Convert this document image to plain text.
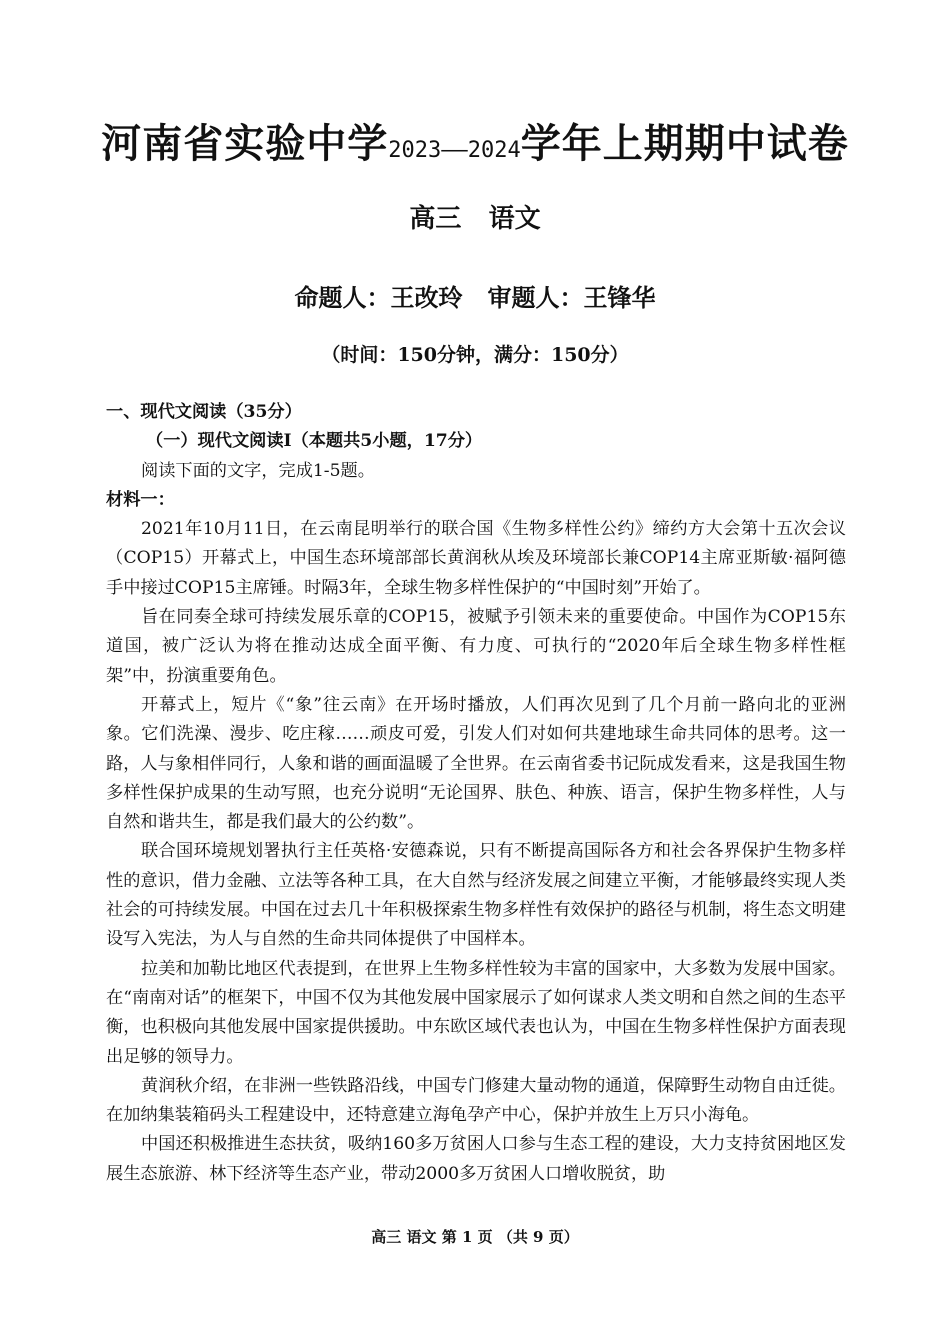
河南省实验中学2023——2024学年上期期中试卷
高三   语文
命题人：王改玲   审题人：王锋华
（时间：150分钟，满分：150分）

一、现代文阅读（35分）

（一）现代文阅读Ⅰ（本题共5小题，17分）

阅读下面的文字，完成1-5题。

材料一：

2021年10月11日，在云南昆明举行的联合国《生物多样性公约》缔约方大会第十五次会议（COP15）开幕式上，中国生态环境部部长黄润秋从埃及环境部长兼COP14主席亚斯敏·福阿德手中接过COP15主席锤。时隔3年，全球生物多样性保护的“中国时刻”开始了。

旨在同奏全球可持续发展乐章的COP15，被赋予引领未来的重要使命。中国作为COP15东道国，被广泛认为将在推动达成全面平衡、有力度、可执行的“2020年后全球生物多样性框架”中，扮演重要角色。

开幕式上，短片《“象”往云南》在开场时播放，人们再次见到了几个月前一路向北的亚洲象。它们洗澡、漫步、吃庄稼……顽皮可爱，引发人们对如何共建地球生命共同体的思考。这一路，人与象相伴同行，人象和谐的画面温暖了全世界。在云南省委书记阮成发看来，这是我国生物多样性保护成果的生动写照，也充分说明“无论国界、肤色、种族、语言，保护生物多样性，人与自然和谐共生，都是我们最大的公约数”。

联合国环境规划署执行主任英格·安德森说，只有不断提高国际各方和社会各界保护生物多样性的意识，借力金融、立法等各种工具，在大自然与经济发展之间建立平衡，才能够最终实现人类社会的可持续发展。中国在过去几十年积极探索生物多样性有效保护的路径与机制，将生态文明建设写入宪法，为人与自然的生命共同体提供了中国样本。

拉美和加勒比地区代表提到，在世界上生物多样性较为丰富的国家中，大多数为发展中国家。在“南南对话”的框架下，中国不仅为其他发展中国家展示了如何谋求人类文明和自然之间的生态平衡，也积极向其他发展中国家提供援助。中东欧区域代表也认为，中国在生物多样性保护方面表现出足够的领导力。

黄润秋介绍，在非洲一些铁路沿线，中国专门修建大量动物的通道，保障野生动物自由迁徙。在加纳集装箱码头工程建设中，还特意建立海龟孕产中心，保护并放生上万只小海龟。

中国还积极推进生态扶贫，吸纳160多万贫困人口参与生态工程的建设，大力支持贫困地区发展生态旅游、林下经济等生态产业，带动2000多万贫困人口增收脱贫，助

高三 语文 第 1 页 （共 9 页）
